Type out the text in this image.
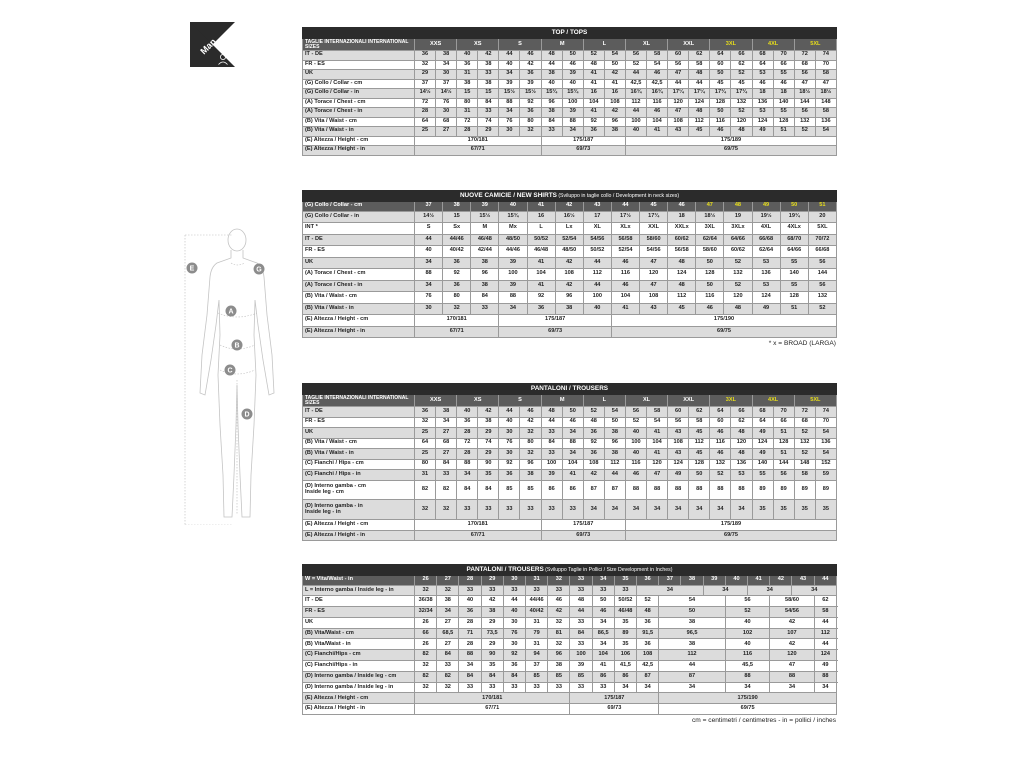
Man
E	G
A
B
C
D
TOP / TOPS																				
TAGLIE INTERNAZIONALI INTERNATIONAL SIZES	XXS		XS		S		M		L		XL		XXL		3XL		4XL		5XL	
IT - DE	36	38	40	42	44	46	48	50	52	54	56	58	60	62	64	66	68	70	72	74
FR - ES	32	34	36	38	40	42	44	46	48	50	52	54	56	58	60	62	64	66	68	70
UK	29	30	31	33	34	36	38	39	41	42	44	46	47	48	50	52	53	55	56	58
(G) Collo / Collar - cm	37	37	38	38	39	39	40	40	41	41	42,5	42,5	44	44	45	45	46	46	47	47
(G) Collo / Collar - in	14½	14½	15	15	15½	15½	15¾	15¾	16	16	16¾	16¾	17¼	17¼	17¾	17¾	18	18	18½	18½
(A) Torace / Chest - cm	72	76	80	84	88	92	96	100	104	108	112	116	120	124	128	132	136	140	144	148
(A) Torace / Chest - in	28	30	31	33	34	36	38	39	41	42	44	46	47	48	50	52	53	55	56	58
(B) Vita / Waist - cm	64	68	72	74	76	80	84	88	92	96	100	104	108	112	116	120	124	128	132	136
(B) Vita / Waist - in	25	27	28	29	30	32	33	34	36	38	40	41	43	45	46	48	49	51	52	54
(E) Altezza / Height - cm	170/181						175/187				175/189									
(E) Altezza / Height - in	67/71						69/73				69/75									
NUOVE CAMICIE / NEW SHIRTS (Sviluppo in taglie collo / Development in neck sizes)															
(G) Collo / Collar - cm	37	38	39	40	41	42	43	44	45	46	47	48	49	50	51
(G) Collo / Collar - in	14½	15	15½	15¾	16	16½	17	17½	17¾	18	18½	19	19½	19¾	20
INT *	S	Sx	M	Mx	L	Lx	XL	XLx	XXL	XXLx	3XL	3XLx	4XL	4XLx	5XL
IT - DE	44	44/46	46/48	48/50	50/52	52/54	54/56	56/58	58/60	60/62	62/64	64/66	66/68	68/70	70/72
FR - ES	40	40/42	42/44	44/46	46/48	48/50	50/52	52/54	54/56	56/58	58/60	60/62	62/64	64/66	66/68
UK	34	36	38	39	41	42	44	46	47	48	50	52	53	55	56
(A) Torace / Chest - cm	88	92	96	100	104	108	112	116	120	124	128	132	136	140	144
(A) Torace / Chest - in	34	36	38	39	41	42	44	46	47	48	50	52	53	55	56
(B) Vita / Waist - cm	76	80	84	88	92	96	100	104	108	112	116	120	124	128	132
(B) Vita / Waist - in	30	32	33	34	36	38	40	41	43	45	46	48	49	51	52
(E) Altezza / Height - cm	170/181			175/187				175/190							
(E) Altezza / Height - in	67/71			69/73				69/75							
* x = BROAD (LARGA)
PANTALONI / TROUSERS																				
TAGLIE INTERNAZIONALI INTERNATIONAL SIZES	XXS		XS		S		M		L		XL		XXL		3XL		4XL		5XL	
IT - DE	36	38	40	42	44	46	48	50	52	54	56	58	60	62	64	66	68	70	72	74
FR - ES	32	34	36	38	40	42	44	46	48	50	52	54	56	58	60	62	64	66	68	70
UK	25	27	28	29	30	32	33	34	36	38	40	41	43	45	46	48	49	51	52	54
(B) Vita / Waist - cm	64	68	72	74	76	80	84	88	92	96	100	104	108	112	116	120	124	128	132	136
(B) Vita / Waist - in	25	27	28	29	30	32	33	34	36	38	40	41	43	45	46	48	49	51	52	54
(C) Fianchi / Hips - cm	80	84	88	90	92	96	100	104	108	112	116	120	124	128	132	136	140	144	148	152
(C) Fianchi / Hips - in	31	33	34	35	36	38	39	41	42	44	46	47	49	50	52	53	55	56	58	59
(D) Interno gamba - cm
Inside leg - cm	82	82	84	84	85	85	86	86	87	87	88	88	88	88	88	88	89	89	89	89
(D) Interno gamba - in
Inside leg - in	32	32	33	33	33	33	33	33	34	34	34	34	34	34	34	34	35	35	35	35
(E) Altezza / Height - cm	170/181						175/187				175/189									
(E) Altezza / Height - in	67/71						69/73				69/75									
PANTALONI / TROUSERS (Sviluppo Taglie in Pollici / Size Development in Inches)																			
W = Vita/Waist - in	26	27	28	29	30	31	32	33	34	35	36	37	38	39	40	41	42	43	44
L = Interno gamba / Inside leg - in	32	32	33	33	33	33	33	33	33	33	34			34		34		34	
IT - DE	36/38	38	40	42	44	44/46	46	48	50	50/52	52	54			56		58/60		62
FR - ES	32/34	34	36	38	40	40/42	42	44	46	46/48	48	50			52		54/56		58
UK	26	27	28	29	30	31	32	33	34	35	36	38			40		42		44
(B) Vita/Waist - cm	66	68,5	71	73,5	76	79	81	84	86,5	89	91,5	96,5			102		107		112
(B) Vita/Waist - in	26	27	28	29	30	31	32	33	34	35	36	38			40		42		44
(C) Fianchi/Hips - cm	82	84	88	90	92	94	96	100	104	106	108	112			116		120		124
(C) Fianchi/Hips - in	32	33	34	35	36	37	38	39	41	41,5	42,5	44			45,5		47		49
(D) Interno gamba / Inside leg - cm	82	82	84	84	84	85	85	85	86	86	87	87			88		88		88
(D) Interno gamba / Inside leg - in	32	32	33	33	33	33	33	33	33	34	34	34			34		34		34
(E) Altezza / Height - cm	170/181							175/187				175/190							
(E) Altezza / Height - in	67/71							69/73				69/75							
cm = centimetri / centimetres - in = pollici / inches
